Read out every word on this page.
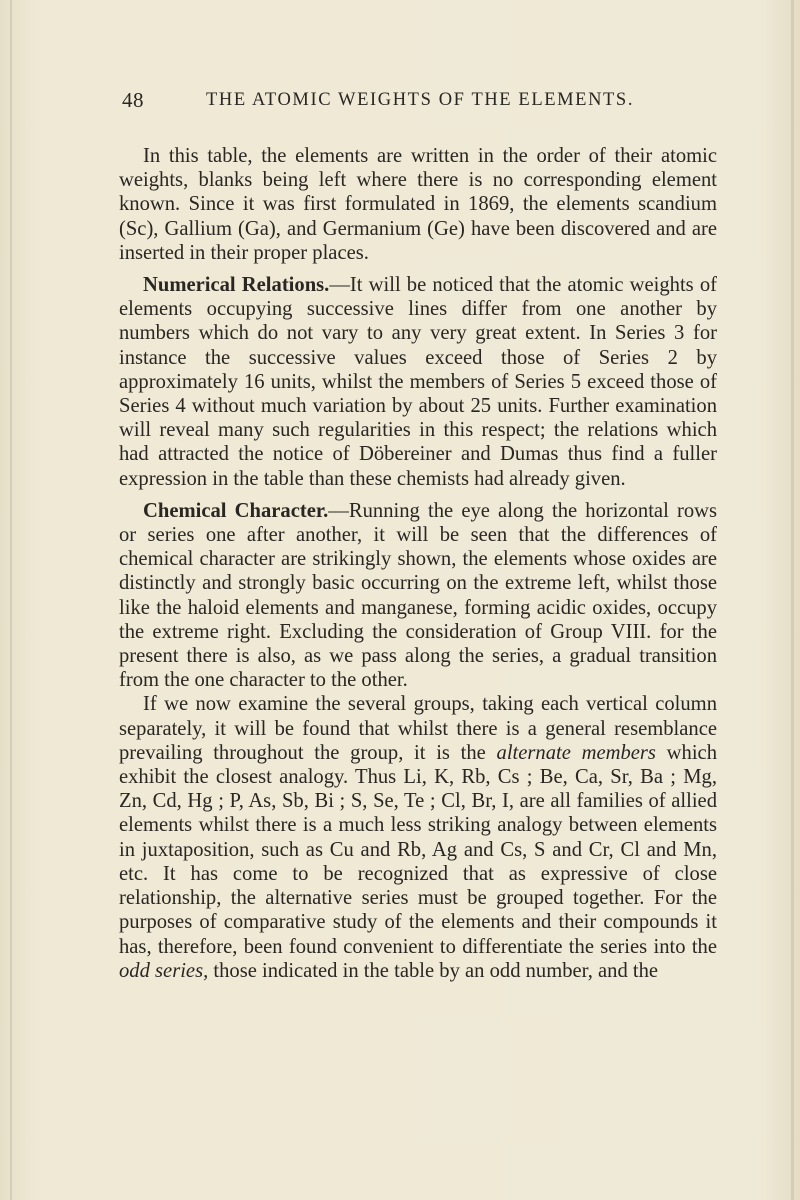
48	THE ATOMIC WEIGHTS OF THE ELEMENTS.

In this table, the elements are written in the order of their atomic weights, blanks being left where there is no corresponding element known. Since it was first formulated in 1869, the elements scandium (Sc), Gallium (Ga), and Germanium (Ge) have been discovered and are inserted in their proper places.

Numerical Relations.—It will be noticed that the atomic weights of elements occupying successive lines differ from one another by numbers which do not vary to any very great extent. In Series 3 for instance the successive values exceed those of Series 2 by approximately 16 units, whilst the members of Series 5 exceed those of Series 4 without much variation by about 25 units. Further examination will reveal many such regularities in this respect; the relations which had attracted the notice of Döbereiner and Dumas thus find a fuller expression in the table than these chemists had already given.

Chemical Character.—Running the eye along the horizontal rows or series one after another, it will be seen that the differences of chemical character are strikingly shown, the elements whose oxides are distinctly and strongly basic occurring on the extreme left, whilst those like the haloid elements and manganese, forming acidic oxides, occupy the extreme right. Excluding the consideration of Group VIII. for the present there is also, as we pass along the series, a gradual transition from the one character to the other.

If we now examine the several groups, taking each vertical column separately, it will be found that whilst there is a general resemblance prevailing throughout the group, it is the alternate members which exhibit the closest analogy. Thus Li, K, Rb, Cs ; Be, Ca, Sr, Ba ; Mg, Zn, Cd, Hg ; P, As, Sb, Bi ; S, Se, Te ; Cl, Br, I, are all families of allied elements whilst there is a much less striking analogy between elements in juxtaposition, such as Cu and Rb, Ag and Cs, S and Cr, Cl and Mn, etc. It has come to be recognized that as expressive of close relationship, the alternative series must be grouped together. For the purposes of comparative study of the elements and their compounds it has, therefore, been found convenient to differentiate the series into the odd series, those indicated in the table by an odd number, and the
